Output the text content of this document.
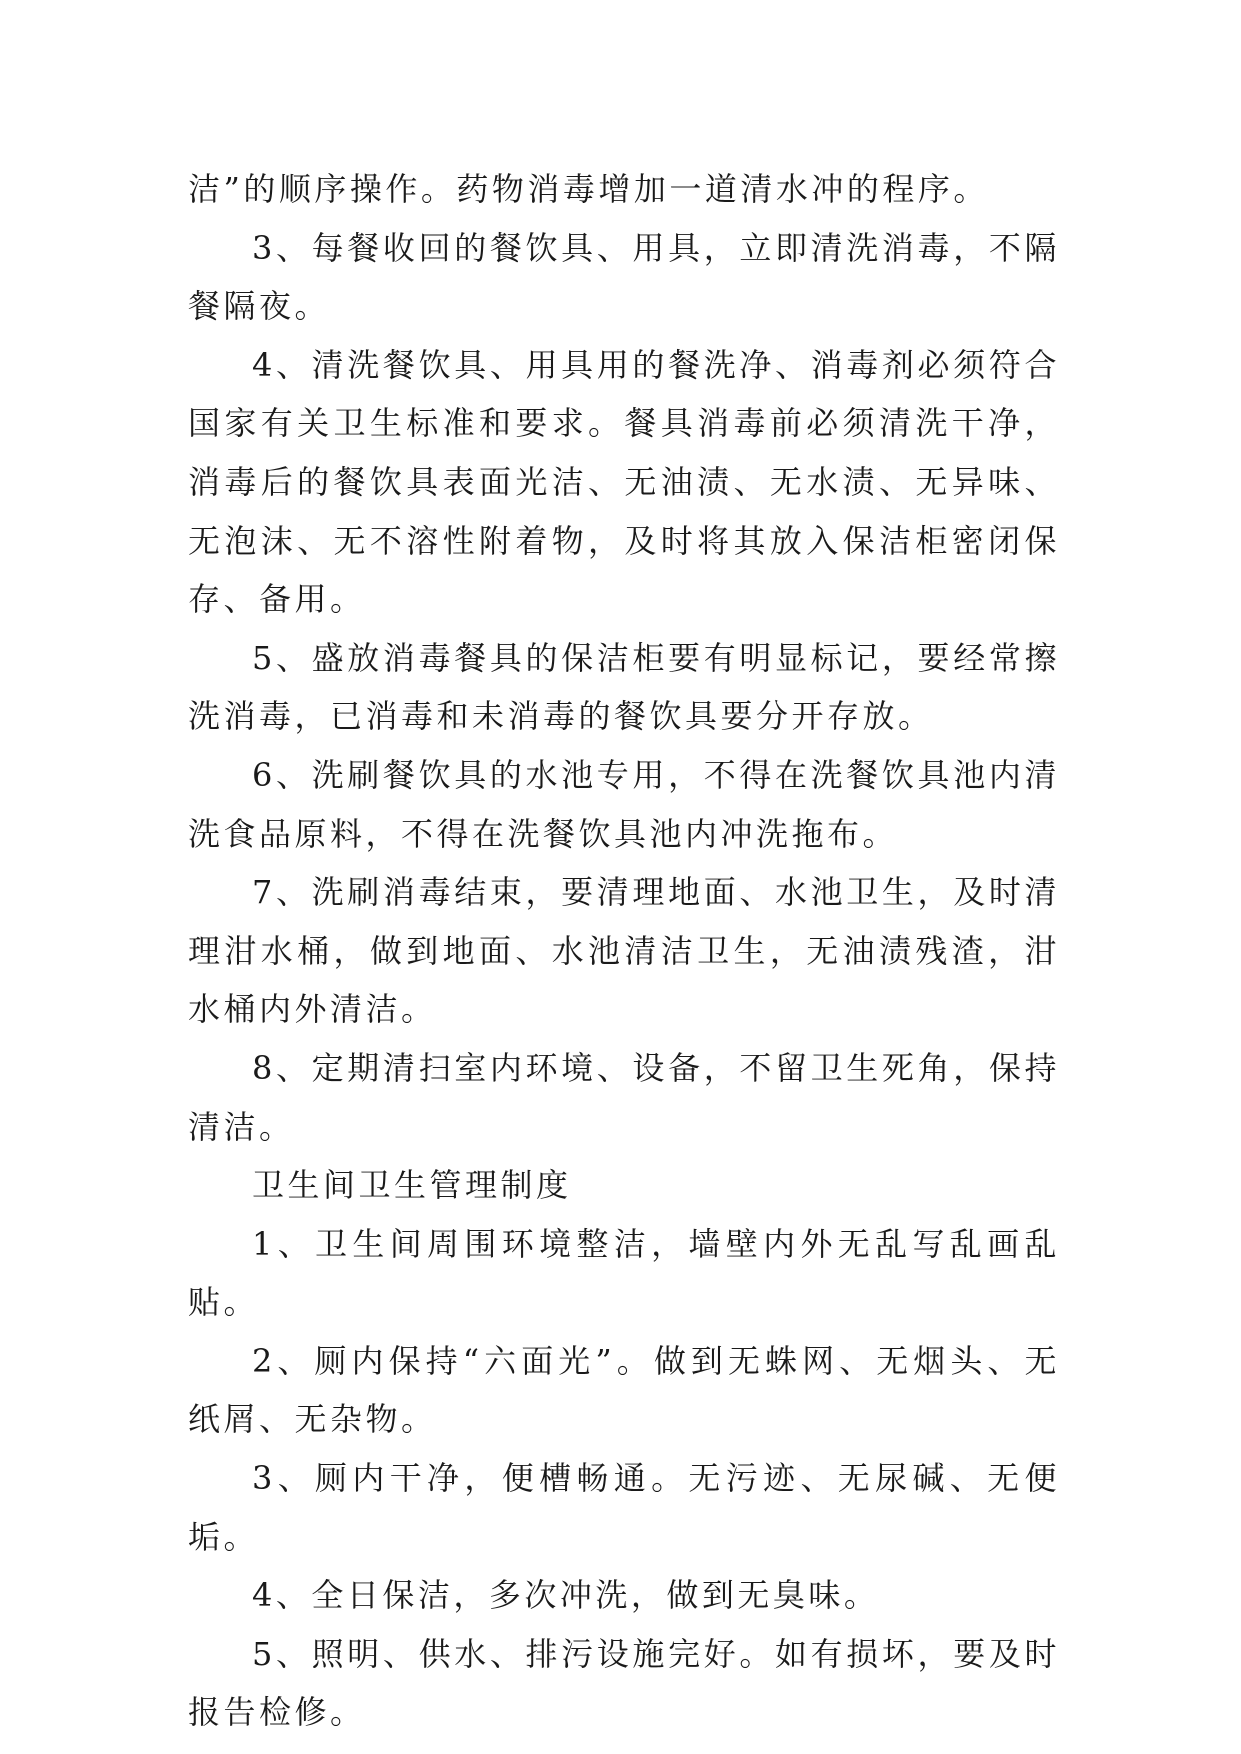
洁”的顺序操作。药物消毒增加一道清水冲的程序。

3、每餐收回的餐饮具、用具，立即清洗消毒，不隔餐隔夜。

4、清洗餐饮具、用具用的餐洗净、消毒剂必须符合国家有关卫生标准和要求。餐具消毒前必须清洗干净，消毒后的餐饮具表面光洁、无油渍、无水渍、无异味、无泡沫、无不溶性附着物，及时将其放入保洁柜密闭保存、备用。

5、盛放消毒餐具的保洁柜要有明显标记，要经常擦洗消毒，已消毒和未消毒的餐饮具要分开存放。

6、洗刷餐饮具的水池专用，不得在洗餐饮具池内清洗食品原料，不得在洗餐饮具池内冲洗拖布。

7、洗刷消毒结束，要清理地面、水池卫生，及时清理泔水桶，做到地面、水池清洁卫生，无油渍残渣，泔水桶内外清洁。

8、定期清扫室内环境、设备，不留卫生死角，保持清洁。

卫生间卫生管理制度

1、卫生间周围环境整洁，墙壁内外无乱写乱画乱贴。

2、厕内保持“六面光”。做到无蛛网、无烟头、无纸屑、无杂物。

3、厕内干净，便槽畅通。无污迹、无尿碱、无便垢。

4、全日保洁，多次冲洗，做到无臭味。

5、照明、供水、排污设施完好。如有损坏，要及时报告检修。
